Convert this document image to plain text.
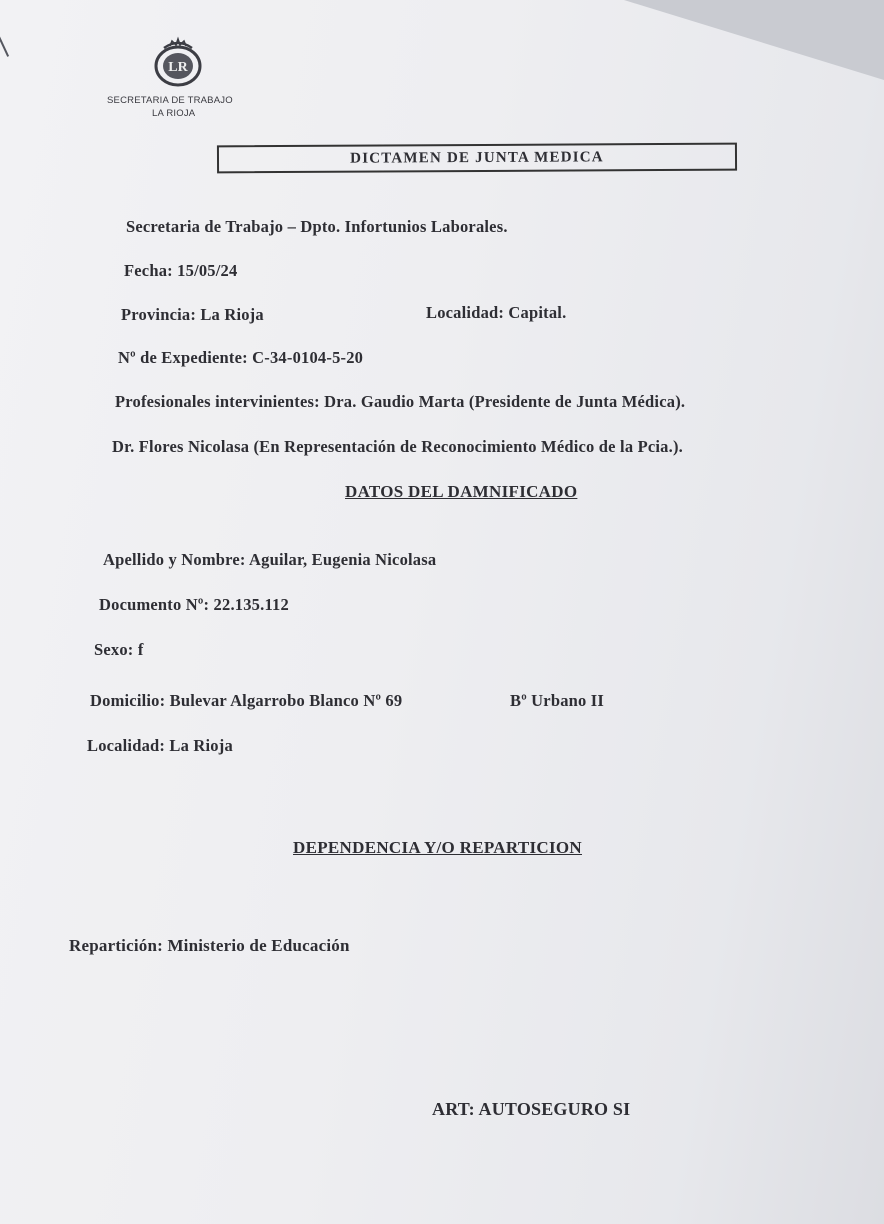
LR

SECRETARIA DE TRABAJO

LA RIOJA

DICTAMEN DE JUNTA MEDICA

Secretaria de Trabajo – Dpto. Infortunios Laborales.

Fecha: 15/05/24

Provincia: La Rioja	Localidad: Capital.

Nº de Expediente: C-34-0104-5-20

Profesionales intervinientes: Dra. Gaudio Marta (Presidente de Junta Médica).

Dr. Flores Nicolasa (En Representación de Reconocimiento Médico de la Pcia.).

DATOS DEL DAMNIFICADO

Apellido y Nombre: Aguilar, Eugenia Nicolasa

Documento Nº: 22.135.112

Sexo: f

Domicilio: Bulevar Algarrobo Blanco Nº 69	Bº Urbano II

Localidad: La Rioja

DEPENDENCIA Y/O REPARTICION

Repartición: Ministerio de Educación

ART: AUTOSEGURO SI
